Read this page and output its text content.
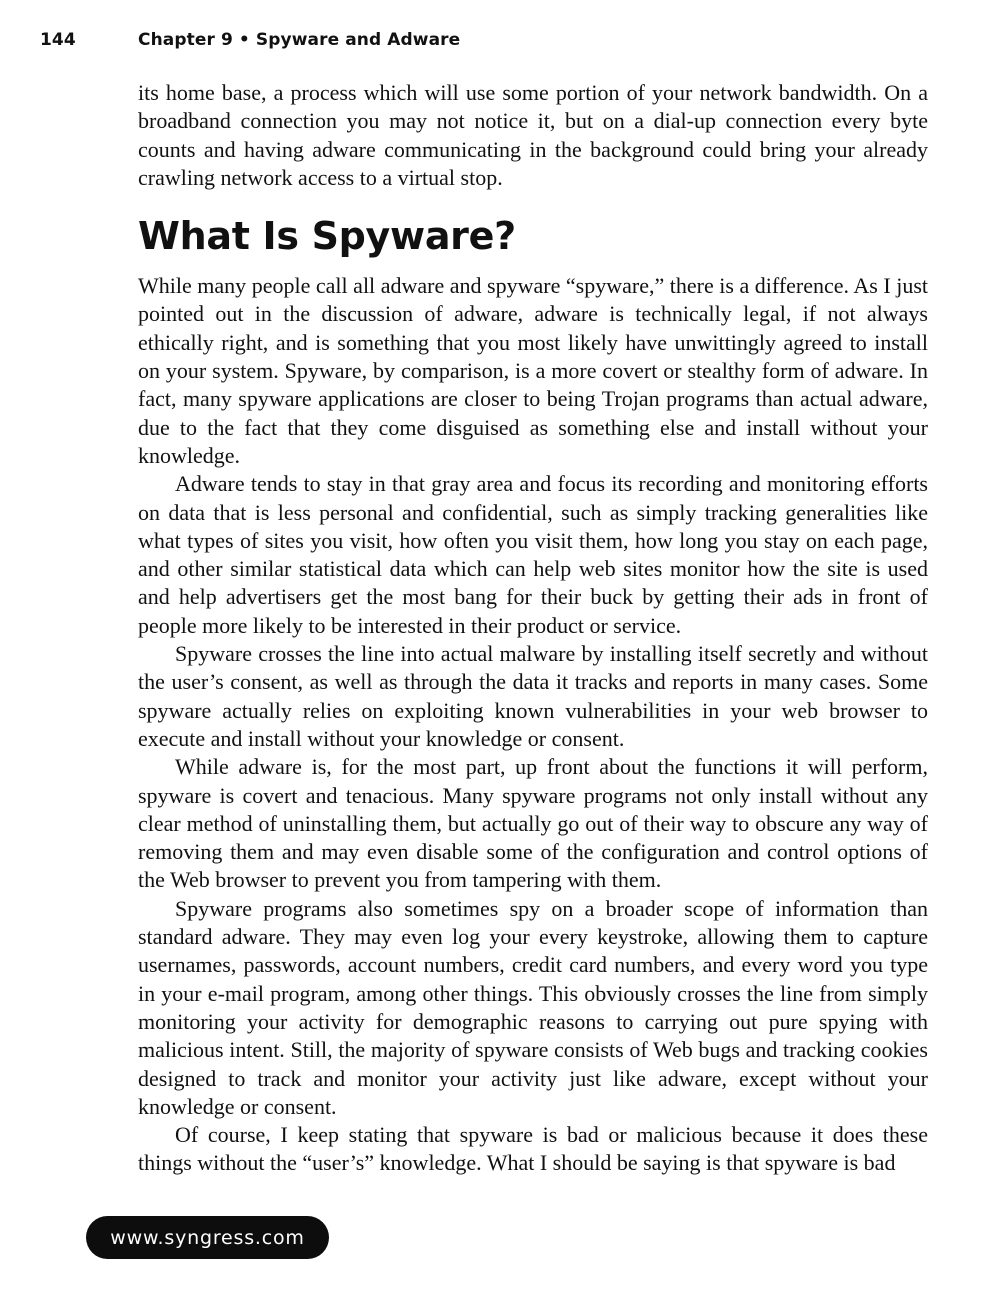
144	Chapter 9 • Spyware and Adware

its home base, a process which will use some portion of your network bandwidth. On a broadband connection you may not notice it, but on a dial-up connection every byte counts and having adware communicating in the background could bring your already crawling network access to a virtual stop.

What Is Spyware?

While many people call all adware and spyware “spyware,” there is a difference. As I just pointed out in the discussion of adware, adware is technically legal, if not always ethically right, and is something that you most likely have unwittingly agreed to install on your system. Spyware, by comparison, is a more covert or stealthy form of adware. In fact, many spyware applications are closer to being Trojan programs than actual adware, due to the fact that they come disguised as something else and install without your knowledge.

Adware tends to stay in that gray area and focus its recording and monitoring efforts on data that is less personal and confidential, such as simply tracking generalities like what types of sites you visit, how often you visit them, how long you stay on each page, and other similar statistical data which can help web sites monitor how the site is used and help advertisers get the most bang for their buck by getting their ads in front of people more likely to be interested in their product or service.

Spyware crosses the line into actual malware by installing itself secretly and without the user’s consent, as well as through the data it tracks and reports in many cases. Some spyware actually relies on exploiting known vulnerabilities in your web browser to execute and install without your knowledge or consent.

While adware is, for the most part, up front about the functions it will perform, spyware is covert and tenacious. Many spyware programs not only install without any clear method of uninstalling them, but actually go out of their way to obscure any way of removing them and may even disable some of the configuration and control options of the Web browser to prevent you from tampering with them.

Spyware programs also sometimes spy on a broader scope of information than standard adware. They may even log your every keystroke, allowing them to capture usernames, passwords, account numbers, credit card numbers, and every word you type in your e-mail program, among other things. This obviously crosses the line from simply monitoring your activity for demographic reasons to carrying out pure spying with malicious intent. Still, the majority of spyware consists of Web bugs and tracking cookies designed to track and monitor your activity just like adware, except without your knowledge or consent.

Of course, I keep stating that spyware is bad or malicious because it does these things without the “user’s” knowledge. What I should be saying is that spyware is bad

www.syngress.com
